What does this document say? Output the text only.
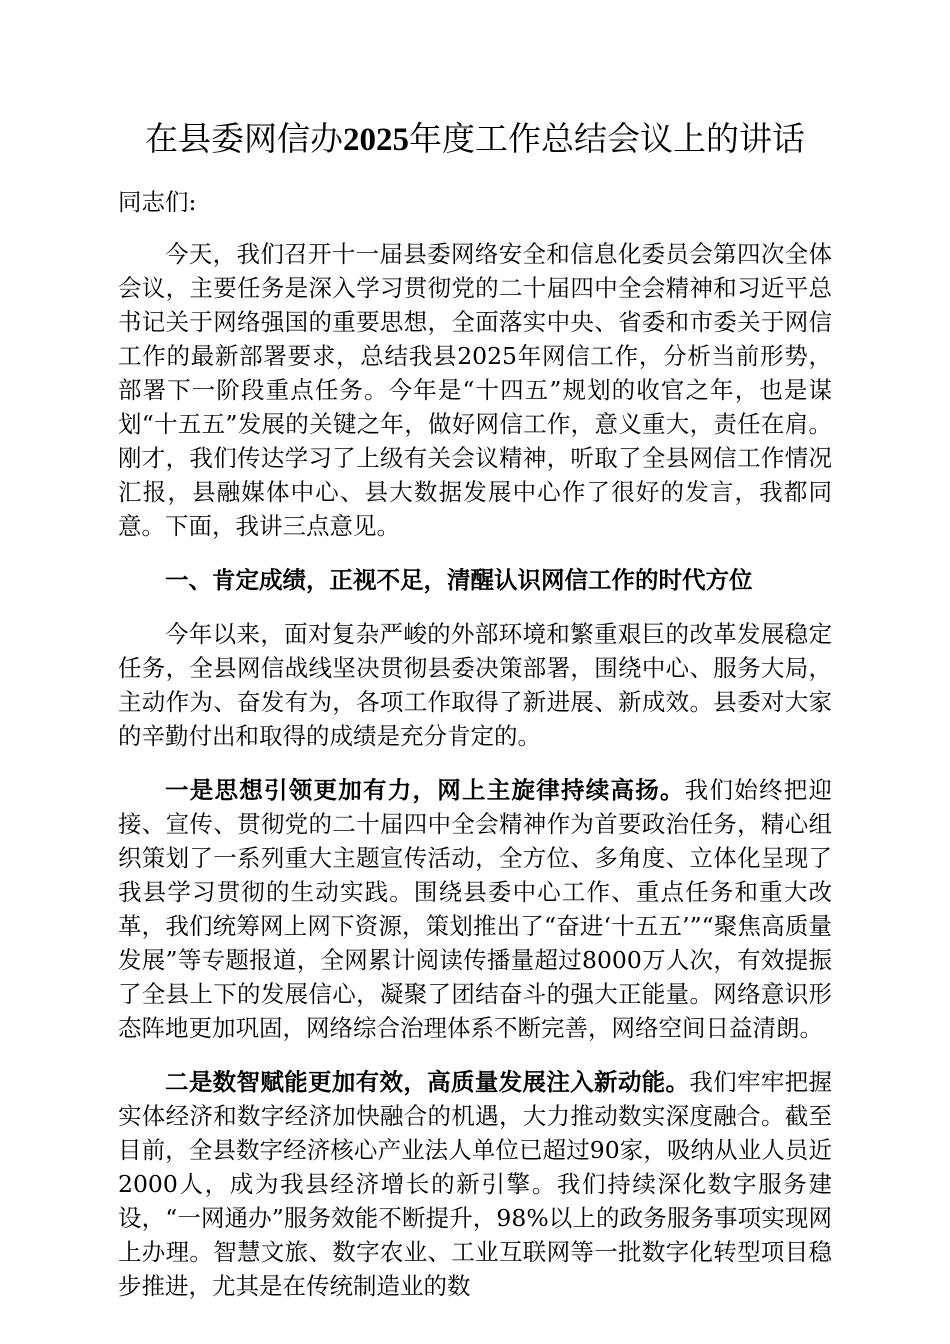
在县委网信办2025年度工作总结会议上的讲话

同志们:

今天，我们召开十一届县委网络安全和信息化委员会第四次全体会议，主要任务是深入学习贯彻党的二十届四中全会精神和习近平总书记关于网络强国的重要思想，全面落实中央、省委和市委关于网信工作的最新部署要求，总结我县2025年网信工作，分析当前形势，部署下一阶段重点任务。今年是“十四五”规划的收官之年，也是谋划“十五五”发展的关键之年，做好网信工作，意义重大，责任在肩。刚才，我们传达学习了上级有关会议精神，听取了全县网信工作情况汇报，县融媒体中心、县大数据发展中心作了很好的发言，我都同意。下面，我讲三点意见。

一、肯定成绩，正视不足，清醒认识网信工作的时代方位

今年以来，面对复杂严峻的外部环境和繁重艰巨的改革发展稳定任务，全县网信战线坚决贯彻县委决策部署，围绕中心、服务大局，主动作为、奋发有为，各项工作取得了新进展、新成效。县委对大家的辛勤付出和取得的成绩是充分肯定的。

一是思想引领更加有力，网上主旋律持续高扬。我们始终把迎接、宣传、贯彻党的二十届四中全会精神作为首要政治任务，精心组织策划了一系列重大主题宣传活动，全方位、多角度、立体化呈现了我县学习贯彻的生动实践。围绕县委中心工作、重点任务和重大改革，我们统筹网上网下资源，策划推出了“奋进‘十五五’”“聚焦高质量发展”等专题报道，全网累计阅读传播量超过8000万人次，有效提振了全县上下的发展信心，凝聚了团结奋斗的强大正能量。网络意识形态阵地更加巩固，网络综合治理体系不断完善，网络空间日益清朗。

二是数智赋能更加有效，高质量发展注入新动能。我们牢牢把握实体经济和数字经济加快融合的机遇，大力推动数实深度融合。截至目前，全县数字经济核心产业法人单位已超过90家，吸纳从业人员近2000人，成为我县经济增长的新引擎。我们持续深化数字服务建设，“一网通办”服务效能不断提升，98%以上的政务服务事项实现网上办理。智慧文旅、数字农业、工业互联网等一批数字化转型项目稳步推进，尤其是在传统制造业的数
